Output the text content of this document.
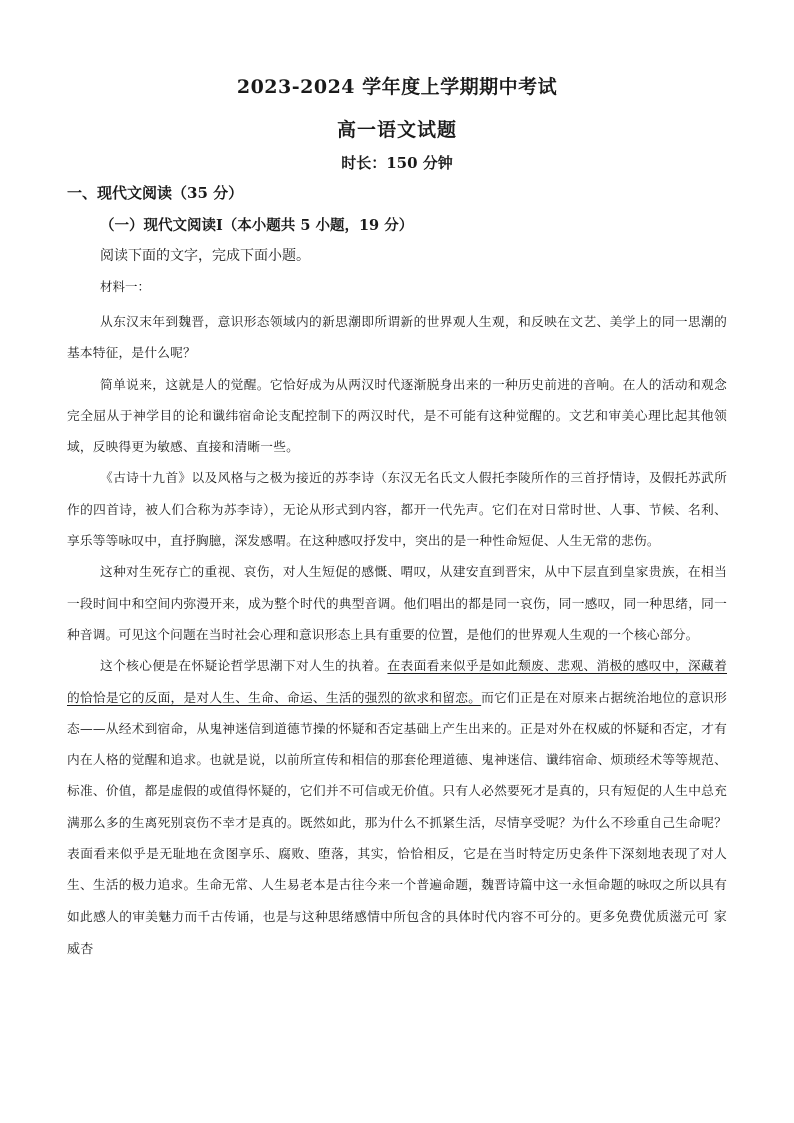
2023-2024 学年度上学期期中考试
高一语文试题
时长：150 分钟
一、现代文阅读（35 分）
（一）现代文阅读Ⅰ（本小题共 5 小题，19 分）
阅读下面的文字，完成下面小题。
材料一：

从东汉末年到魏晋，意识形态领域内的新思潮即所谓新的世界观人生观，和反映在文艺、美学上的同一思潮的基本特征，是什么呢？

简单说来，这就是人的觉醒。它恰好成为从两汉时代逐渐脱身出来的一种历史前进的音响。在人的活动和观念完全屈从于神学目的论和谶纬宿命论支配控制下的两汉时代，是不可能有这种觉醒的。文艺和审美心理比起其他领域，反映得更为敏感、直接和清晰一些。

《古诗十九首》以及风格与之极为接近的苏李诗（东汉无名氏文人假托李陵所作的三首抒情诗，及假托苏武所作的四首诗，被人们合称为苏李诗），无论从形式到内容，都开一代先声。它们在对日常时世、人事、节候、名利、享乐等等咏叹中，直抒胸臆，深发感喟。在这种感叹抒发中，突出的是一种性命短促、人生无常的悲伤。

这种对生死存亡的重视、哀伤，对人生短促的感慨、喟叹，从建安直到晋宋，从中下层直到皇家贵族，在相当一段时间中和空间内弥漫开来，成为整个时代的典型音调。他们唱出的都是同一哀伤，同一感叹，同一种思绪，同一种音调。可见这个问题在当时社会心理和意识形态上具有重要的位置，是他们的世界观人生观的一个核心部分。

这个核心便是在怀疑论哲学思潮下对人生的执着。在表面看来似乎是如此颓废、悲观、消极的感叹中，深藏着的恰恰是它的反面，是对人生、生命、命运、生活的强烈的欲求和留恋。而它们正是在对原来占据统治地位的意识形态——从经术到宿命，从鬼神迷信到道德节操的怀疑和否定基础上产生出来的。正是对外在权威的怀疑和否定，才有内在人格的觉醒和追求。也就是说，以前所宣传和相信的那套伦理道德、鬼神迷信、谶纬宿命、烦琐经术等等规范、标准、价值，都是虚假的或值得怀疑的，它们并不可信或无价值。只有人必然要死才是真的，只有短促的人生中总充满那么多的生离死别哀伤不幸才是真的。既然如此，那为什么不抓紧生活，尽情享受呢？为什么不珍重自己生命呢？表面看来似乎是无耻地在贪图享乐、腐败、堕落，其实，恰恰相反，它是在当时特定历史条件下深刻地表现了对人生、生活的极力追求。生命无常、人生易老本是古往今来一个普遍命题，魏晋诗篇中这一永恒命题的咏叹之所以具有如此感人的审美魅力而千古传诵，也是与这种思绪感情中所包含的具体时代内容不可分的。更多免费优质滋元可 家 威杏
